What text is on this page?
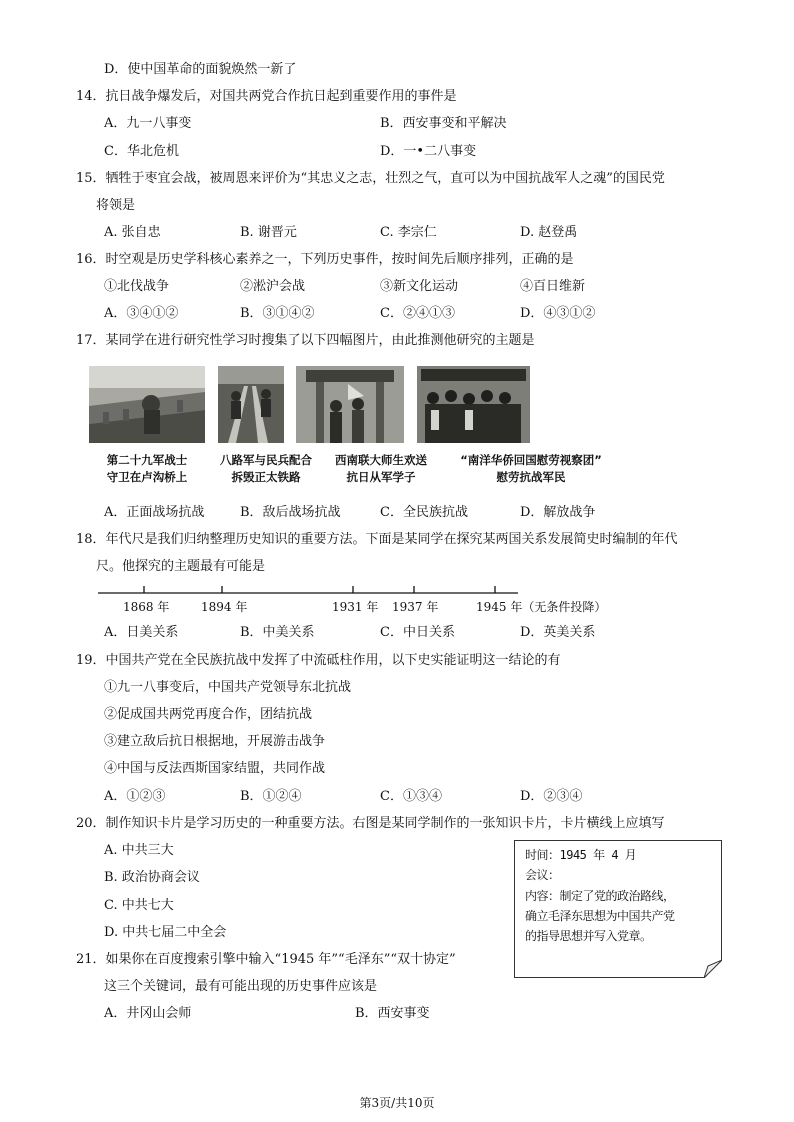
D．使中国革命的面貌焕然一新了
14．抗日战争爆发后，对国共两党合作抗日起到重要作用的事件是
A．九一八事变	B．西安事变和平解决
C．华北危机	D．一•二八事变
15．牺牲于枣宜会战，被周恩来评价为“其忠义之志，壮烈之气，直可以为中国抗战军人之魂”的国民党
将领是
A. 张自忠	B. 谢晋元	C. 李宗仁	D. 赵登禹
16．时空观是历史学科核心素养之一，下列历史事件，按时间先后顺序排列，正确的是
①北伐战争	②淞沪会战	③新文化运动	④百日维新
A．③④①②	B．③①④②	C．②④①③	D．④③①②
17．某同学在进行研究性学习时搜集了以下四幅图片，由此推测他研究的主题是
第二十九军战士
守卫在卢沟桥上
八路军与民兵配合
拆毁正太铁路
西南联大师生欢送
抗日从军学子
“南洋华侨回国慰劳视察团”
慰劳抗战军民
A．正面战场抗战	B．敌后战场抗战	C．全民族抗战	D．解放战争
18．年代尺是我们归纳整理历史知识的重要方法。下面是某同学在探究某两国关系发展简史时编制的年代
尺。他探究的主题最有可能是
1868 年	1894 年	1931 年 1937 年	1945 年（无条件投降）
A．日美关系	B．中美关系	C．中日关系	D．英美关系
19．中国共产党在全民族抗战中发挥了中流砥柱作用，以下史实能证明这一结论的有
①九一八事变后，中国共产党领导东北抗战
②促成国共两党再度合作，团结抗战
③建立敌后抗日根据地，开展游击战争
④中国与反法西斯国家结盟，共同作战
A．①②③	B．①②④	C．①③④	D．②③④
20．制作知识卡片是学习历史的一种重要方法。右图是某同学制作的一张知识卡片，卡片横线上应填写
A. 中共三大
B. 政治协商会议
C. 中共七大
D. 中共七届二中全会
时间：1945 年 4 月
会议：
内容：制定了党的政治路线，
确立毛泽东思想为中国共产党
的指导思想并写入党章。
21．如果你在百度搜索引擎中输入“1945 年”“毛泽东”“双十协定”
这三个关键词，最有可能出现的历史事件应该是
A．井冈山会师	B．西安事变
第3页/共10页
